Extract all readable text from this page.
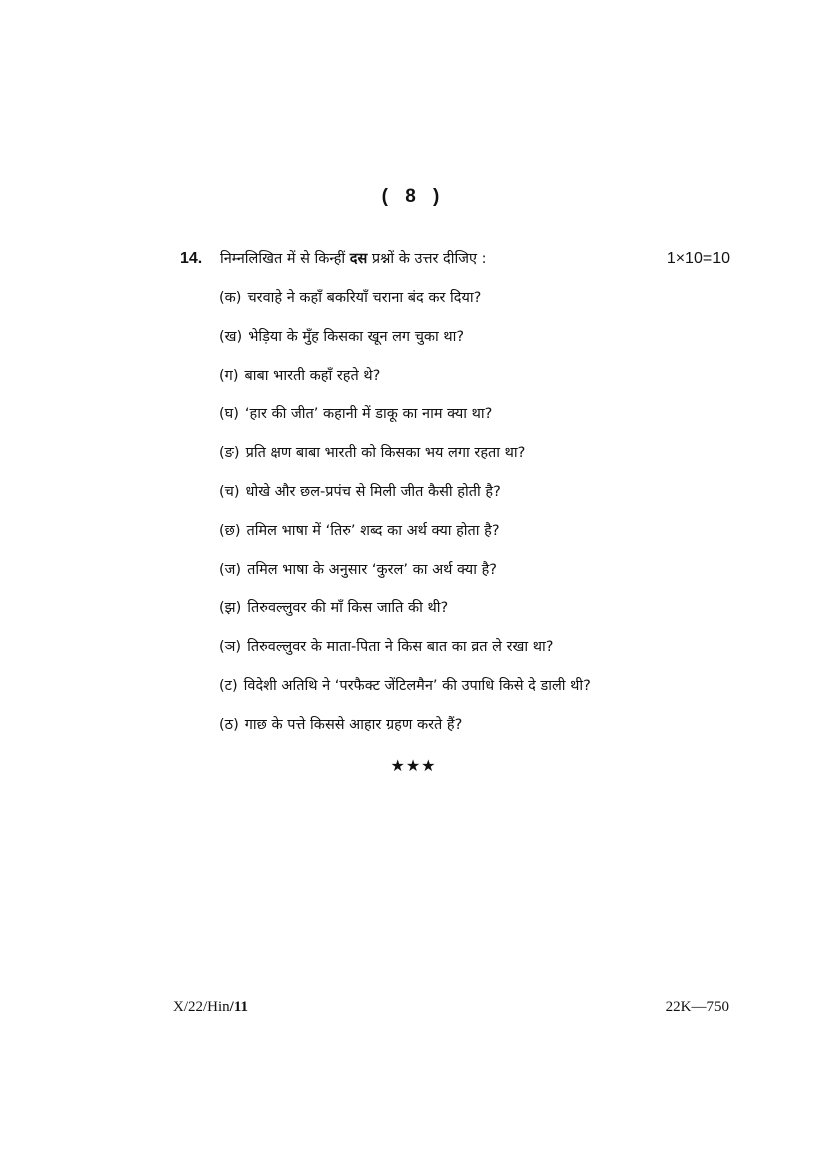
( 8 )
14. निम्नलिखित में से किन्हीं दस प्रश्नों के उत्तर दीजिए :	1×10=10
(क) चरवाहे ने कहाँ बकरियाँ चराना बंद कर दिया?
(ख) भेड़िया के मुँह किसका खून लग चुका था?
(ग) बाबा भारती कहाँ रहते थे?
(घ) ‘हार की जीत’ कहानी में डाकू का नाम क्या था?
(ङ) प्रति क्षण बाबा भारती को किसका भय लगा रहता था?
(च) धोखे और छल-प्रपंच से मिली जीत कैसी होती है?
(छ) तमिल भाषा में ‘तिरु’ शब्द का अर्थ क्या होता है?
(ज) तमिल भाषा के अनुसार ‘कुरल’ का अर्थ क्या है?
(झ) तिरुवल्लुवर की माँ किस जाति की थी?
(ञ) तिरुवल्लुवर के माता-पिता ने किस बात का व्रत ले रखा था?
(ट) विदेशी अतिथि ने ‘परफैक्ट जेंटिलमैन’ की उपाधि किसे दे डाली थी?
(ठ) गाछ के पत्ते किससे आहार ग्रहण करते हैं?
★★★
X/22/Hin/11	22K—750
